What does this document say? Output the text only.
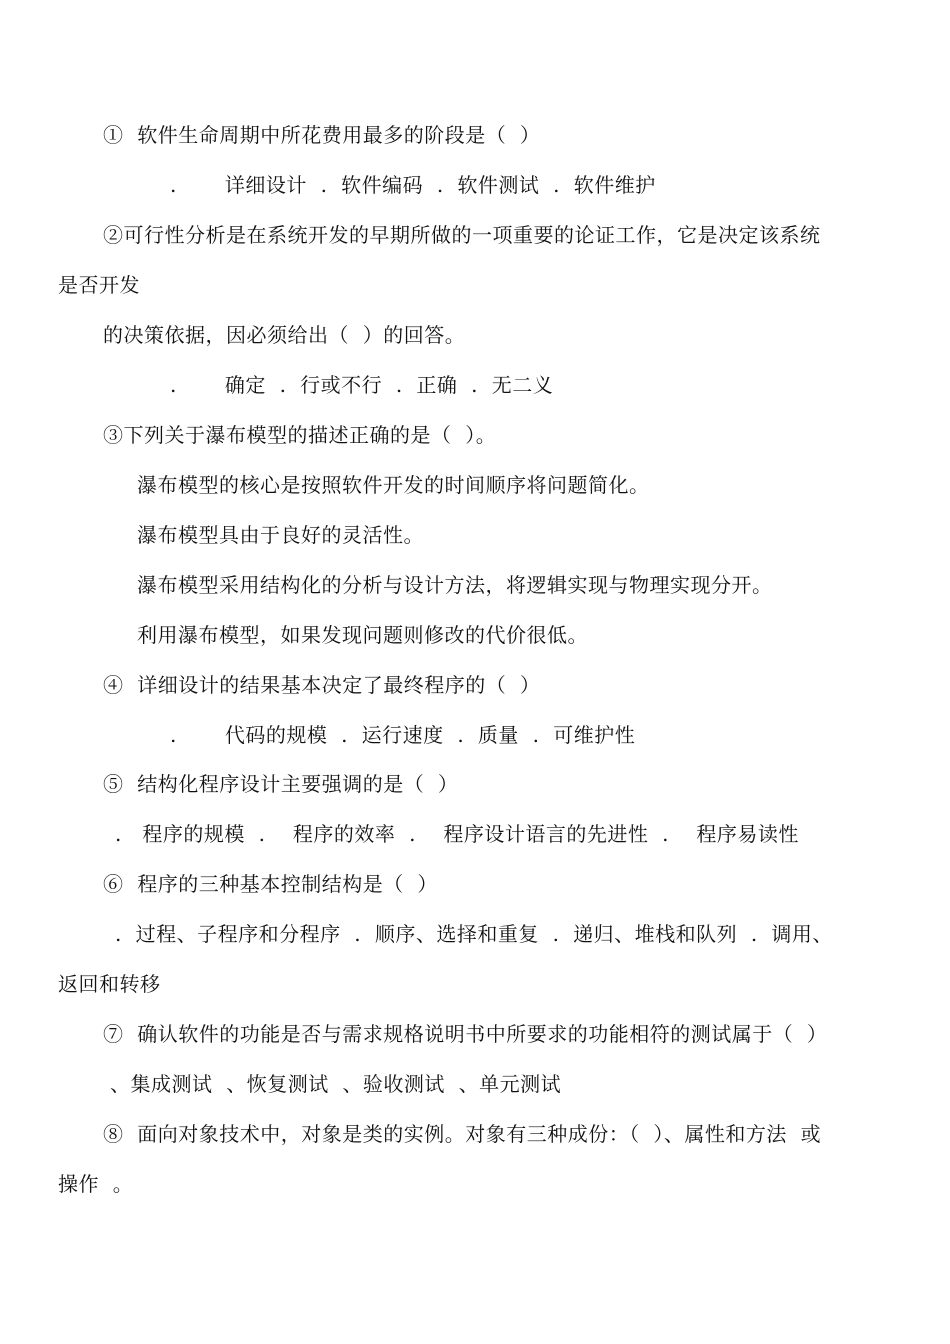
①  软件生命周期中所花费用最多的阶段是（  ）
.       详细设计  .  软件编码  .  软件测试  .  软件维护
②可行性分析是在系统开发的早期所做的一项重要的论证工作，它是决定该系统
是否开发
的决策依据，因必须给出（  ）的回答。
.       确定  .  行或不行  .  正确  .  无二义
③下列关于瀑布模型的描述正确的是（  ）。
瀑布模型的核心是按照软件开发的时间顺序将问题简化。
瀑布模型具由于良好的灵活性。
瀑布模型采用结构化的分析与设计方法，将逻辑实现与物理实现分开。
利用瀑布模型，如果发现问题则修改的代价很低。
④  详细设计的结果基本决定了最终程序的（  ）
.       代码的规模  .  运行速度  .  质量  .  可维护性
⑤  结构化程序设计主要强调的是（  ）
.   程序的规模  .    程序的效率  .    程序设计语言的先进性  .    程序易读性
⑥  程序的三种基本控制结构是（  ）
.  过程、子程序和分程序  .  顺序、选择和重复  .  递归、堆栈和队列  .  调用、
返回和转移
⑦  确认软件的功能是否与需求规格说明书中所要求的功能相符的测试属于（  ）
、集成测试  、恢复测试  、验收测试  、单元测试
⑧  面向对象技术中，对象是类的实例。对象有三种成份：（  ）、属性和方法  或
操作  。
